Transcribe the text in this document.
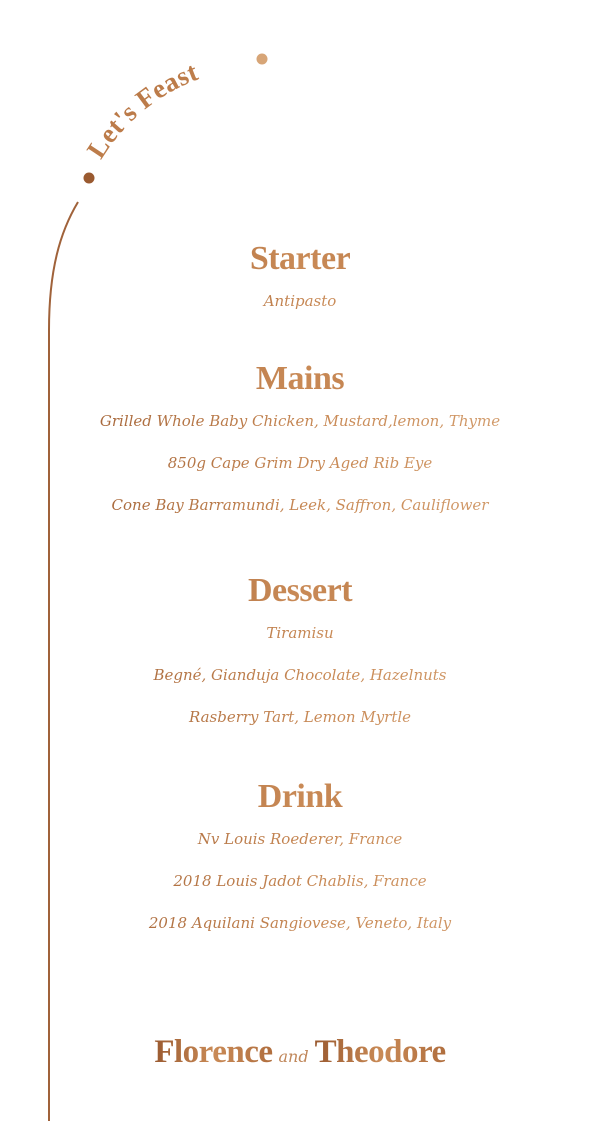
Let's Feast
Starter
Antipasto
Mains
Grilled Whole Baby Chicken, Mustard,lemon, Thyme
850g Cape Grim Dry Aged Rib Eye
Cone Bay Barramundi, Leek, Saffron, Cauliflower
Dessert
Tiramisu
Begné, Gianduja Chocolate, Hazelnuts
Rasberry Tart, Lemon Myrtle
Drink
Nv Louis Roederer, France
2018 Louis Jadot Chablis, France
2018 Aquilani Sangiovese, Veneto, Italy
Florence and Theodore
